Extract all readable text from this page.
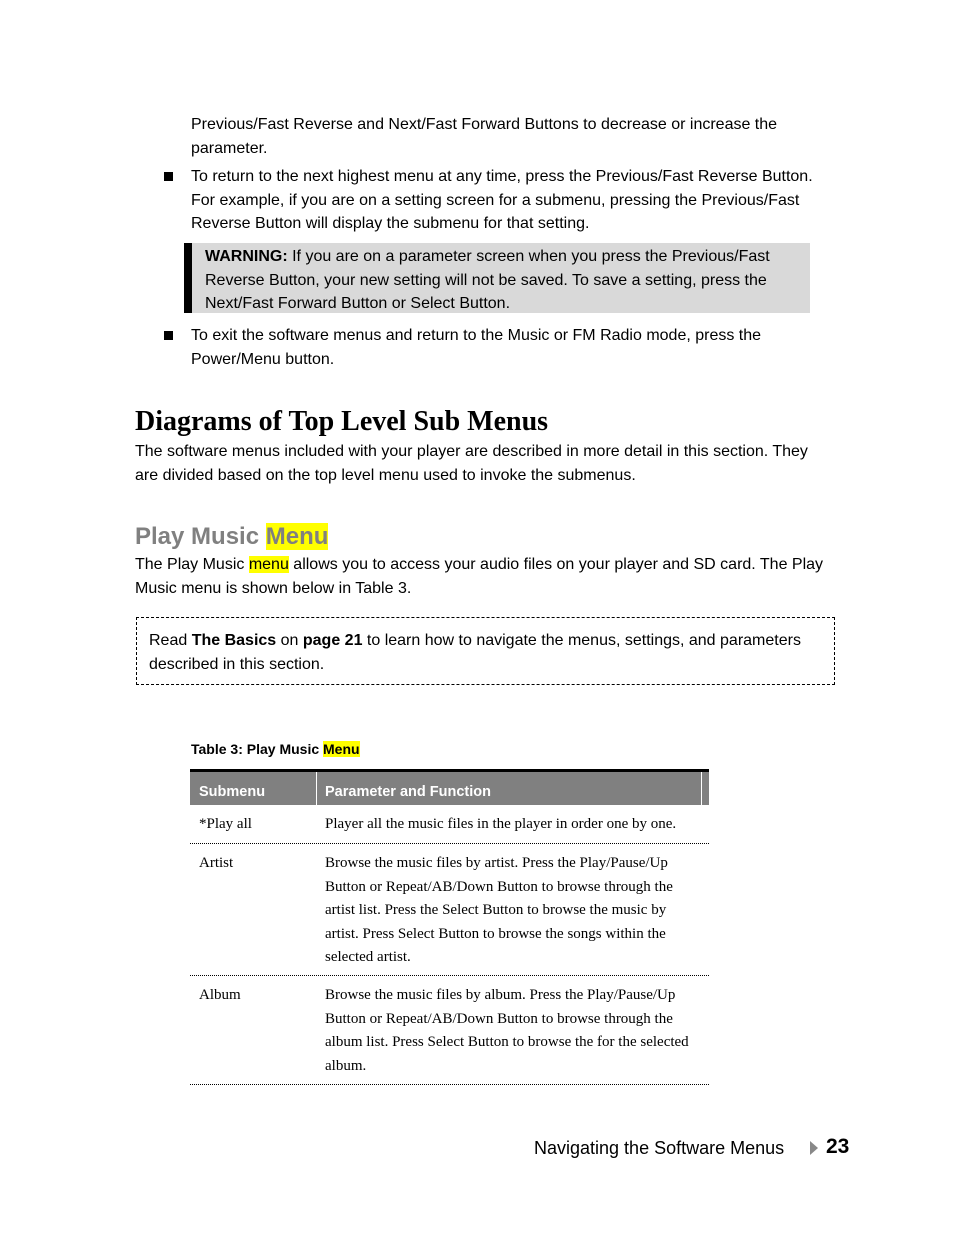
Previous/Fast Reverse and Next/Fast Forward Buttons to decrease or increase the parameter.

To return to the next highest menu at any time, press the Previous/Fast Reverse Button. For example, if you are on a setting screen for a submenu, pressing the Previous/Fast Reverse Button will display the submenu for that setting.

WARNING: If you are on a parameter screen when you press the Previous/Fast Reverse Button, your new setting will not be saved. To save a setting, press the Next/Fast Forward Button or Select Button.

To exit the software menus and return to the Music or FM Radio mode, press the Power/Menu button.

Diagrams of Top Level Sub Menus

The software menus included with your player are described in more detail in this section. They are divided based on the top level menu used to invoke the submenus.

Play Music Menu

The Play Music menu allows you to access your audio files on your player and SD card. The Play Music menu is shown below in Table 3.

Read The Basics on page 21 to learn how to navigate the menus, settings, and parameters described in this section.

Table 3: Play Music Menu

Submenu	Parameter and Function
*Play all	Player all the music files in the player in order one by one.
Artist	Browse the music files by artist. Press the Play/Pause/Up Button or Repeat/AB/Down Button to browse through the artist list. Press the Select Button to browse the music by artist. Press Select Button to browse the songs within the selected artist.
Album	Browse the music files by album. Press the Play/Pause/Up Button or Repeat/AB/Down Button to browse through the album list. Press Select Button to browse the for the selected album.
Navigating the Software Menus 23
